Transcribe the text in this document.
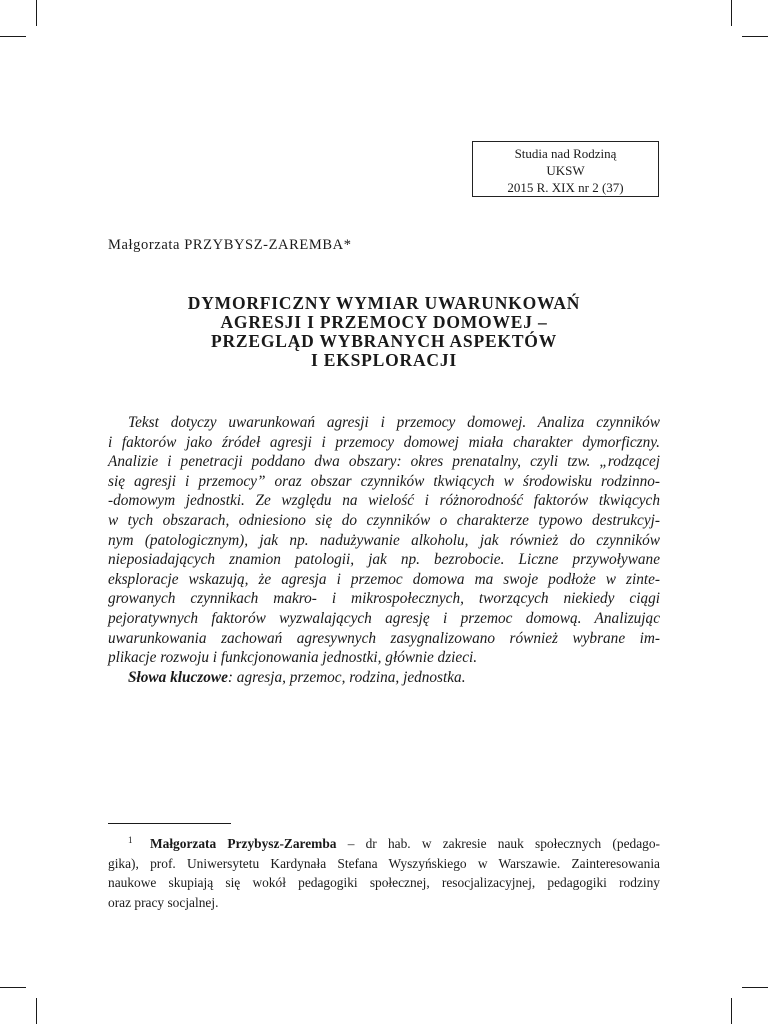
Studia nad Rodziną
UKSW
2015 R. XIX nr 2 (37)
Małgorzata PRZYBYSZ-ZAREMBA*
DYMORFICZNY WYMIAR UWARUNKOWAŃ
AGRESJI I PRZEMOCY DOMOWEJ –
PRZEGLĄD WYBRANYCH ASPEKTÓW
I EKSPLORACJI
Tekst dotyczy uwarunkowań agresji i przemocy domowej. Analiza czynników
i faktorów jako źródeł agresji i przemocy domowej miała charakter dymorficzny.
Analizie i penetracji poddano dwa obszary: okres prenatalny, czyli tzw. „rodzącej
się agresji i przemocy” oraz obszar czynników tkwiących w środowisku rodzinno-
-domowym jednostki. Ze względu na wielość i różnorodność faktorów tkwiących
w tych obszarach, odniesiono się do czynników o charakterze typowo destrukcyj-
nym (patologicznym), jak np. nadużywanie alkoholu, jak również do czynników
nieposiadających znamion patologii, jak np. bezrobocie. Liczne przywoływane
eksploracje wskazują, że agresja i przemoc domowa ma swoje podłoże w zinte-
growanych czynnikach makro- i mikrospołecznych, tworzących niekiedy ciągi
pejoratywnych faktorów wyzwalających agresję i przemoc domową. Analizując
uwarunkowania zachowań agresywnych zasygnalizowano również wybrane im-
plikacje rozwoju i funkcjonowania jednostki, głównie dzieci.
Słowa kluczowe: agresja, przemoc, rodzina, jednostka.
1 Małgorzata Przybysz-Zaremba – dr hab. w zakresie nauk społecznych (pedago-
gika), prof. Uniwersytetu Kardynała Stefana Wyszyńskiego w Warszawie. Zainteresowania
naukowe skupiają się wokół pedagogiki społecznej, resocjalizacyjnej, pedagogiki rodziny
oraz pracy socjalnej.
